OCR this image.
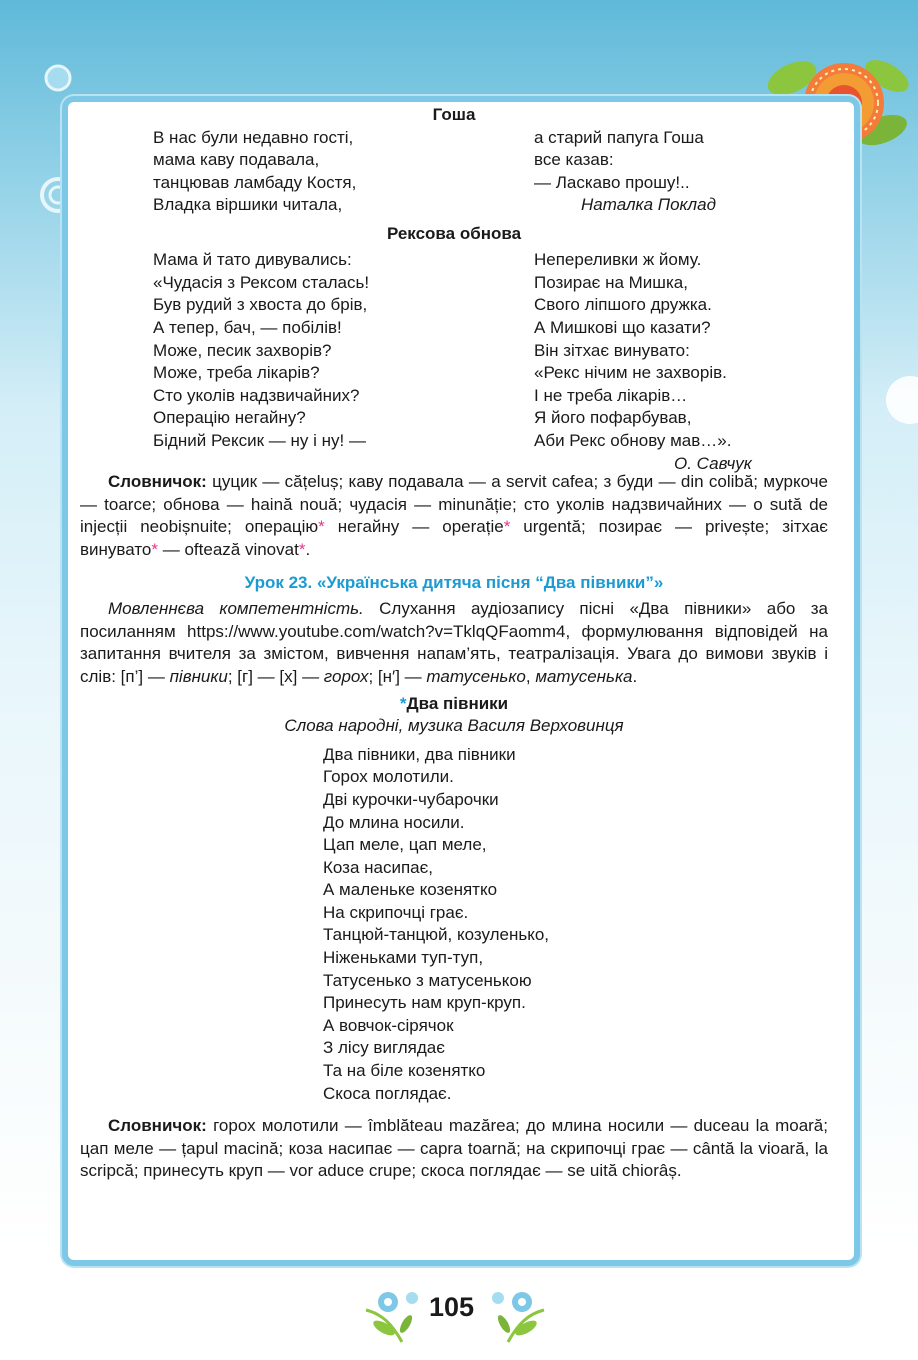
Гоша

В нас були недавно гості,
мама каву подавала,
танцював ламбаду Костя,
Владка віршики читала,
а старий папуга Гоша
все казав:
— Ласкаво прошу!..
Наталка Поклад

Рексова обнова

Мама й тато дивувались:
«Чудасія з Рексом сталась!
Був рудий з хвоста до брів,
А тепер, бач, — побілів!
Може, песик захворів?
Може, треба лікарів?
Сто уколів надзвичайних?
Операцію негайну?
Бідний Рексик — ну і ну! —
Непереливки ж йому.
Позирає на Мишка,
Свого ліпшого дружка.
А Мишкові що казати?
Він зітхає винувато:
«Рекс нічим не захворів.
І не треба лікарів…
Я його пофарбував,
Аби Рекс обнову мав…».
О. Савчук

Словничок: цуцик — cățeluș; каву подавала — a servit cafea; з буди — din colibă; муркоче — toarce; обнова — haină nouă; чудасія — minunăție; сто уколів надзвичайних — o sută de injecții neobișnuite; операцію* негайну — operație* urgentă; позирає — privește; зітхає винувато* — oftează vinovat*.

Урок 23. «Українська дитяча пісня “Два півники”»

Мовленнєва компетентність. Слухання аудіозапису пісні «Два півники» або за посиланням https://www.youtube.com/watch?v=TklqQFaomm4, формулювання відповідей на запитання вчителя за змістом, вивчення напам’ять, театралізація. Увага до вимови звуків і слів: [п’] — півники; [г] — [х] — горох; [н′] — татусенько, матусенька.

*Два півники

Слова народні, музика Василя Верховинця

Два півники, два півники
Горох молотили.
Дві курочки-чубарочки
До млина носили.
Цап меле, цап меле,
Коза насипає,
А маленьке козенятко
На скрипочці грає.
Танцюй-танцюй, козуленько,
Ніженьками туп-туп,
Татусенько з матусенькою
Принесуть нам круп-круп.
А вовчок-сірячок
З лісу виглядає
Та на біле козенятко
Скоса поглядає.

Словничок: горох молотили — îmblăteau mazărea; до млина носили — duceau la moară; цап меле — țapul macină; коза насипає — capra toarnă; на скрипочці грає — cântă la vioară, la scripcă; принесуть круп — vor aduce crupe; скоса поглядає — se uită chiorâș.

105
